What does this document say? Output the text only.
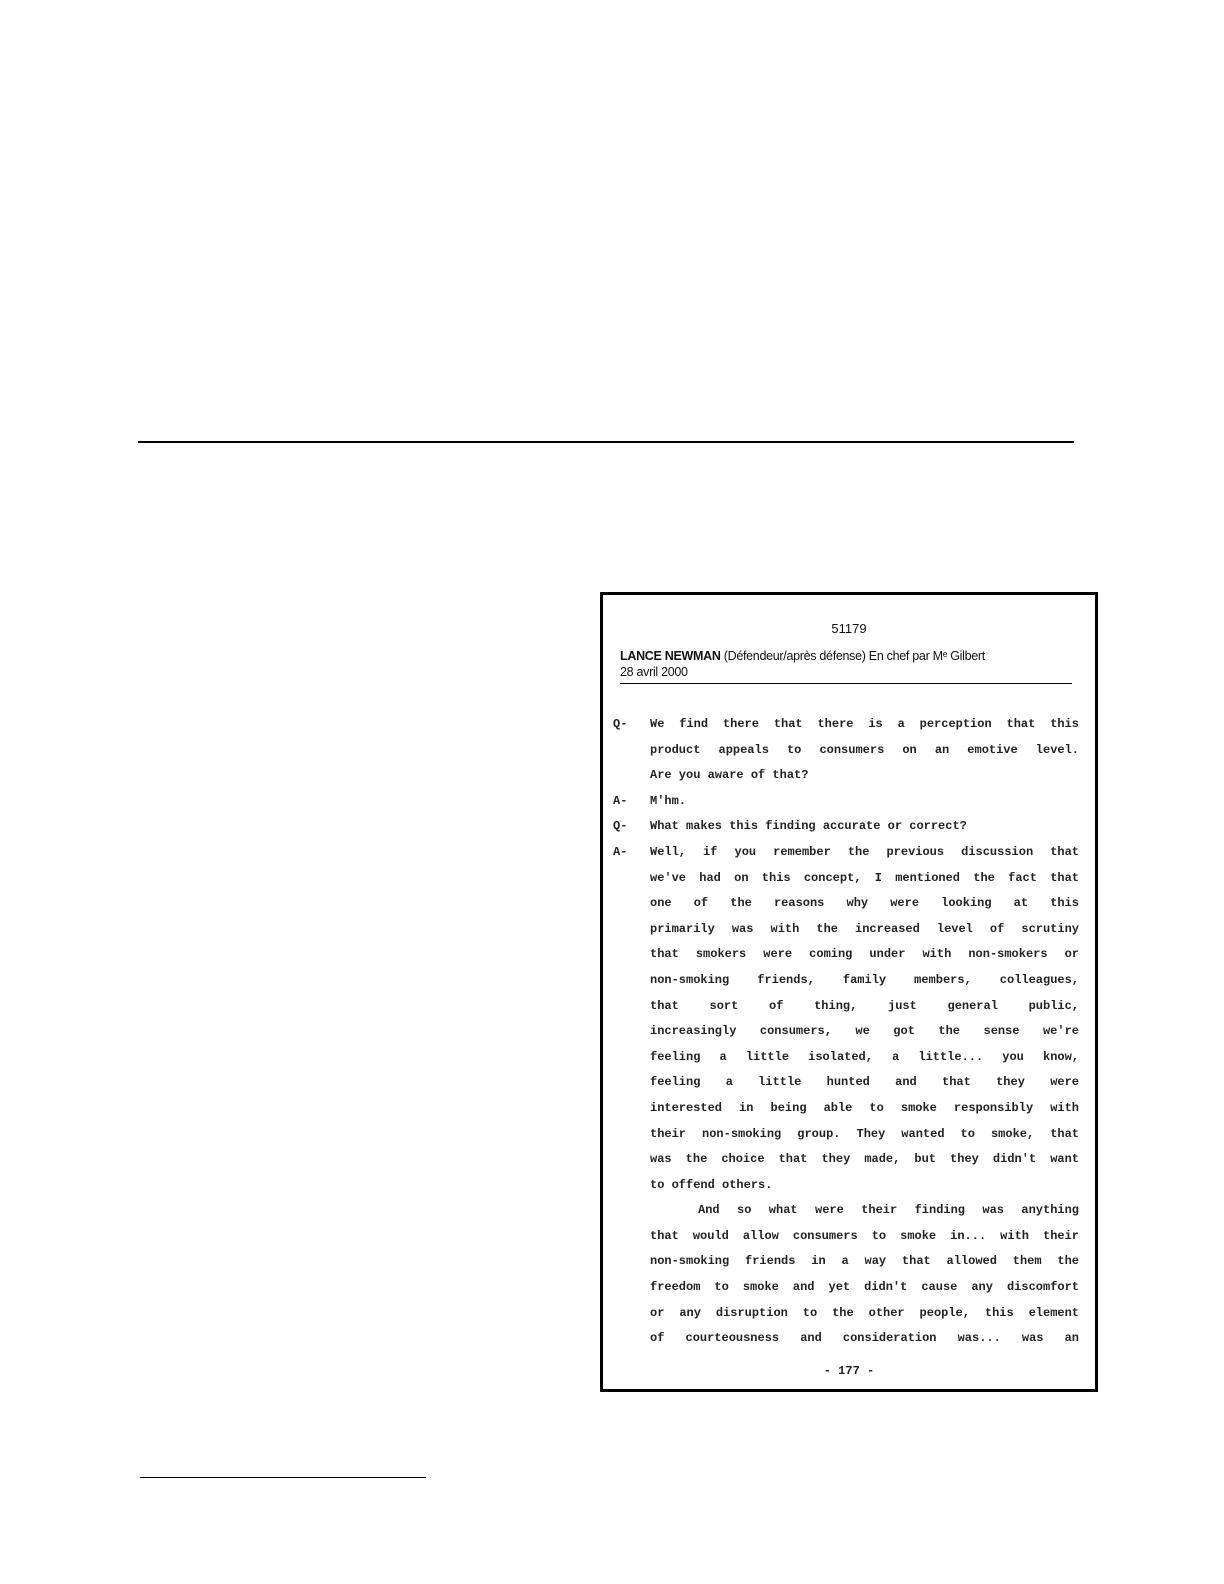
51179
LANCE NEWMAN (Défendeur/après défense) En chef par Mᵉ Gilbert
28 avril 2000
Q-	We find there that there is a perception that this
product appeals to consumers on an emotive level.
Are you aware of that?
A-	M'hm.
Q-	What makes this finding accurate or correct?
A-	Well, if you remember the previous discussion that
we've had on this concept, I mentioned the fact that
one of the reasons why were looking at this
primarily was with the increased level of scrutiny
that smokers were coming under with non-smokers or
non-smoking friends, family members, colleagues,
that sort of thing, just general public,
increasingly consumers, we got the sense we're
feeling a little isolated, a little... you know,
feeling a little hunted and that they were
interested in being able to smoke responsibly with
their non-smoking group. They wanted to smoke, that
was the choice that they made, but they didn't want
to offend others.
And so what were their finding was anything
that would allow consumers to smoke in... with their
non-smoking friends in a way that allowed them the
freedom to smoke and yet didn't cause any discomfort
or any disruption to the other people, this element
of courteousness and consideration was... was an
- 177 -
